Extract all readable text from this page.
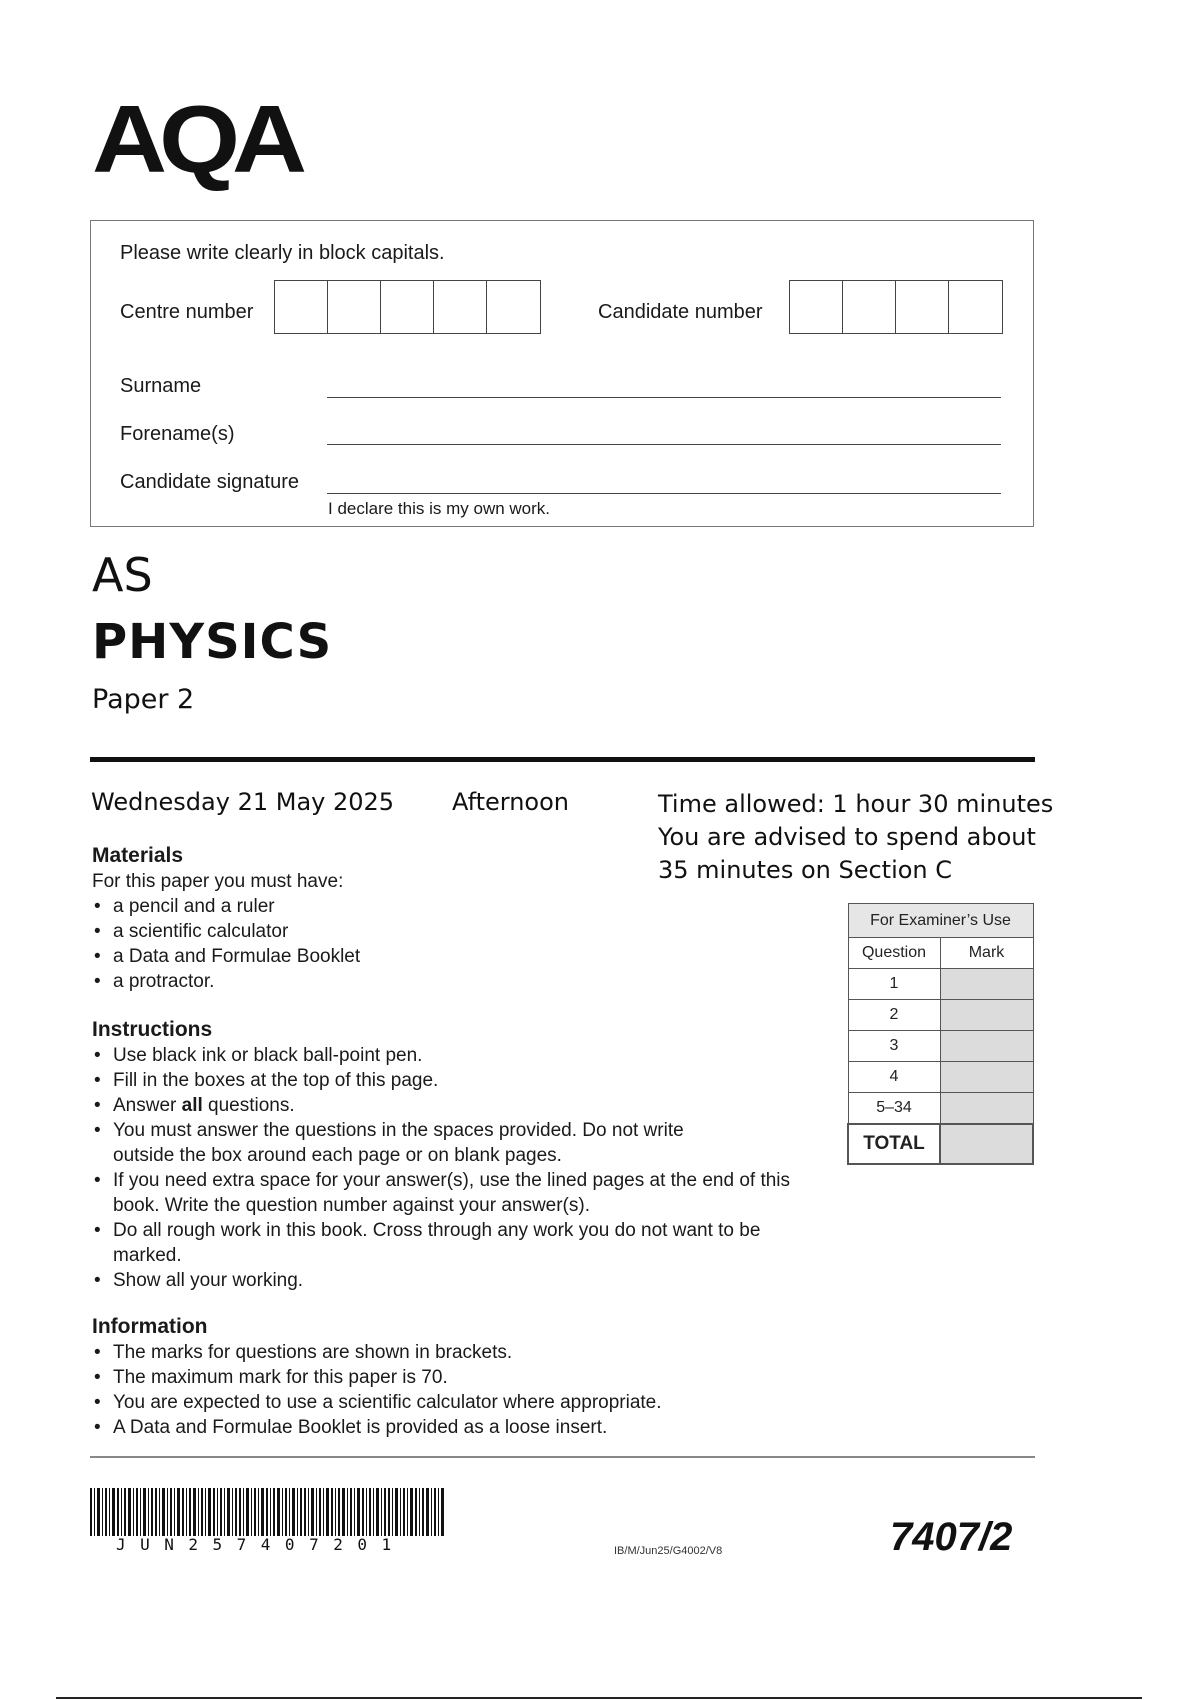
AQA
Please write clearly in block capitals.
Centre number	Candidate number
Surname
Forename(s)
Candidate signature
I declare this is my own work.
AS
PHYSICS
Paper 2
Wednesday 21 May 2025 Afternoon	Time allowed: 1 hour 30 minutes
You are advised to spend about
35 minutes on Section C
Materials

For this paper you must have:

• a pencil and a ruler
• a scientific calculator
• a Data and Formulae Booklet
• a protractor.
Instructions
• Use black ink or black ball-point pen.
• Fill in the boxes at the top of this page.
• Answer all questions.
• You must answer the questions in the spaces provided. Do not write outside the box around each page or on blank pages.
• If you need extra space for your answer(s), use the lined pages at the end of this book. Write the question number against your answer(s).
• Do all rough work in this book. Cross through any work you do not want to be marked.
• Show all your working.
Information
• The marks for questions are shown in brackets.
• The maximum mark for this paper is 70.
• You are expected to use a scientific calculator where appropriate.
• A Data and Formulae Booklet is provided as a loose insert.
For Examiner’s Use	
Question	Mark
1	
2	
3	
4	
5–34	
TOTAL	
JUN257407201	IB/M/Jun25/G4002/V8	7407/2
